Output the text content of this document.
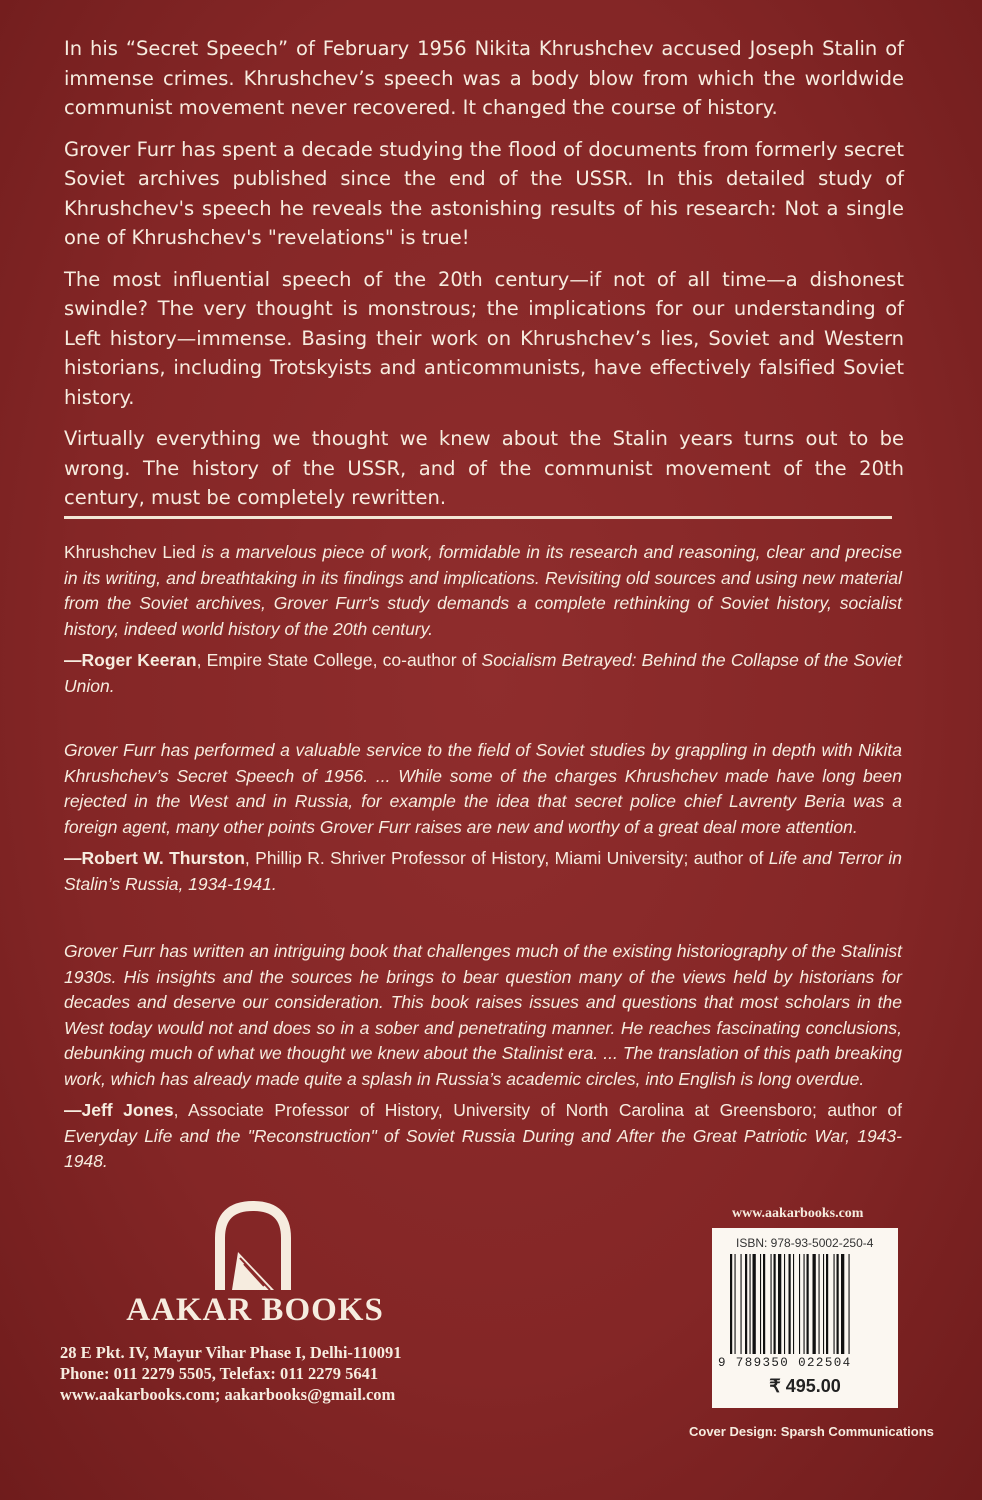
In his “Secret Speech” of February 1956 Nikita Khrushchev accused Joseph Stalin of immense crimes. Khrushchev’s speech was a body blow from which the worldwide communist movement never recovered. It changed the course of history.

Grover Furr has spent a decade studying the flood of documents from formerly secret Soviet archives published since the end of the USSR. In this detailed study of Khrushchev's speech he reveals the astonishing results of his research: Not a single one of Khrushchev's "revelations" is true!

The most influential speech of the 20th century—if not of all time—a dishonest swindle? The very thought is monstrous; the implications for our understanding of Left history—immense. Basing their work on Khrushchev’s lies, Soviet and Western historians, including Trotskyists and anticommunists, have effectively falsified Soviet history.

Virtually everything we thought we knew about the Stalin years turns out to be wrong. The history of the USSR, and of the communist movement of the 20th century, must be completely rewritten.

Khrushchev Lied is a marvelous piece of work, formidable in its research and reasoning, clear and precise in its writing, and breathtaking in its findings and implications. Revisiting old sources and using new material from the Soviet archives, Grover Furr's study demands a complete rethinking of Soviet history, socialist history, indeed world history of the 20th century.

—Roger Keeran, Empire State College, co-author of Socialism Betrayed: Behind the Collapse of the Soviet Union.

Grover Furr has performed a valuable service to the field of Soviet studies by grappling in depth with Nikita Khrushchev’s Secret Speech of 1956. ... While some of the charges Khrushchev made have long been rejected in the West and in Russia, for example the idea that secret police chief Lavrenty Beria was a foreign agent, many other points Grover Furr raises are new and worthy of a great deal more attention.

—Robert W. Thurston, Phillip R. Shriver Professor of History, Miami University; author of Life and Terror in Stalin’s Russia, 1934-1941.

Grover Furr has written an intriguing book that challenges much of the existing historiography of the Stalinist 1930s. His insights and the sources he brings to bear question many of the views held by historians for decades and deserve our consideration. This book raises issues and questions that most scholars in the West today would not and does so in a sober and penetrating manner. He reaches fascinating conclusions, debunking much of what we thought we knew about the Stalinist era. ... The translation of this path breaking work, which has already made quite a splash in Russia’s academic circles, into English is long overdue.

—Jeff Jones, Associate Professor of History, University of North Carolina at Greensboro; author of Everyday Life and the "Reconstruction" of Soviet Russia During and After the Great Patriotic War, 1943-1948.

AAKAR BOOKS
28 E Pkt. IV, Mayur Vihar Phase I, Delhi-110091
Phone: 011 2279 5505, Telefax: 011 2279 5641
www.aakarbooks.com; aakarbooks@gmail.com
www.aakarbooks.com
ISBN: 978-93-5002-250-4
9 789350 022504
₹ 495.00
Cover Design: Sparsh Communications
